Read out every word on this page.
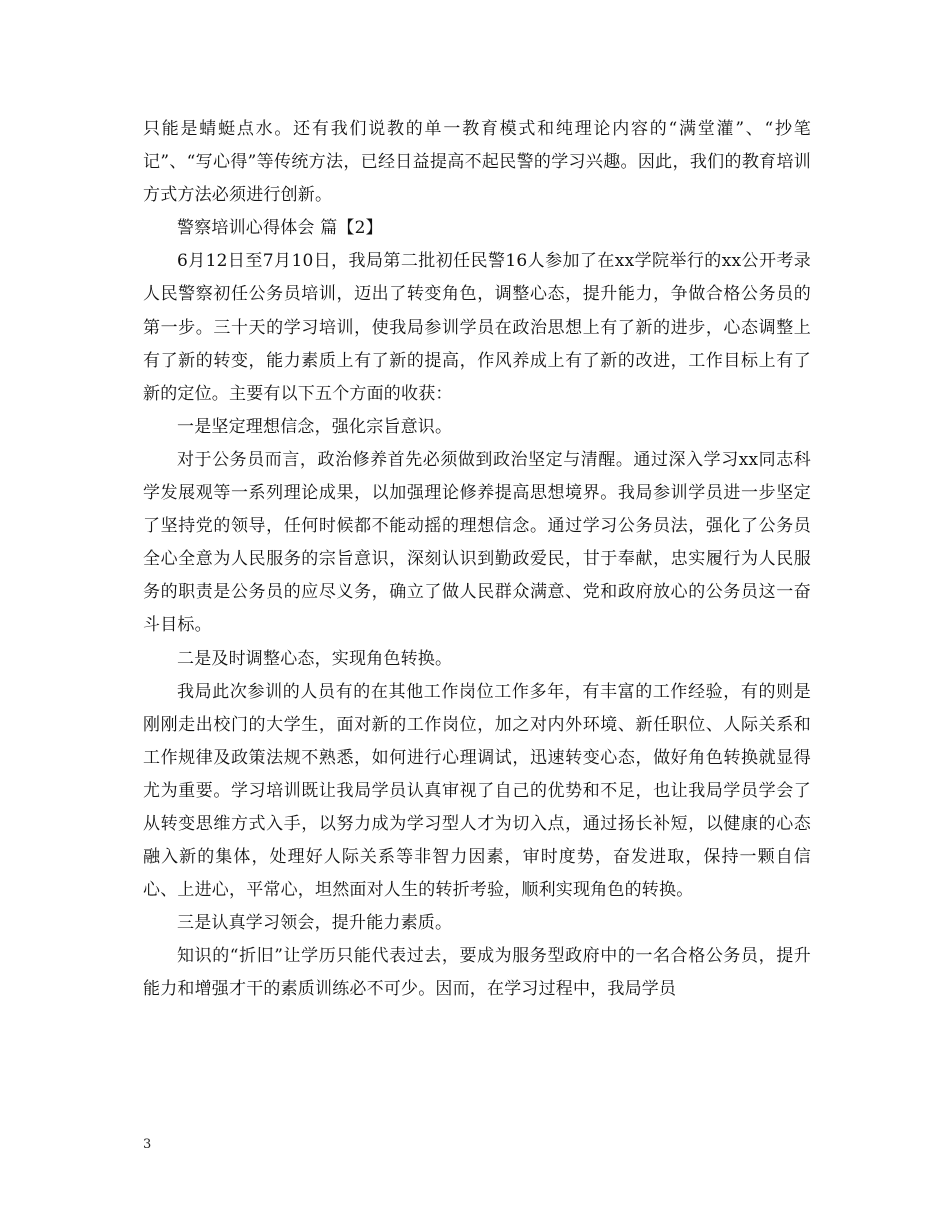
只能是蜻蜓点水。还有我们说教的单一教育模式和纯理论内容的“满堂灌”、“抄笔记”、“写心得”等传统方法，已经日益提高不起民警的学习兴趣。因此，我们的教育培训方式方法必须进行创新。

警察培训心得体会 篇【2】

6月12日至7月10日，我局第二批初任民警16人参加了在xx学院举行的xx公开考录人民警察初任公务员培训，迈出了转变角色，调整心态，提升能力，争做合格公务员的第一步。三十天的学习培训，使我局参训学员在政治思想上有了新的进步，心态调整上有了新的转变，能力素质上有了新的提高，作风养成上有了新的改进，工作目标上有了新的定位。主要有以下五个方面的收获：

一是坚定理想信念，强化宗旨意识。

对于公务员而言，政治修养首先必须做到政治坚定与清醒。通过深入学习xx同志科学发展观等一系列理论成果，以加强理论修养提高思想境界。我局参训学员进一步坚定了坚持党的领导，任何时候都不能动摇的理想信念。通过学习公务员法，强化了公务员全心全意为人民服务的宗旨意识，深刻认识到勤政爱民，甘于奉献，忠实履行为人民服务的职责是公务员的应尽义务，确立了做人民群众满意、党和政府放心的公务员这一奋斗目标。

二是及时调整心态，实现角色转换。

我局此次参训的人员有的在其他工作岗位工作多年，有丰富的工作经验，有的则是刚刚走出校门的大学生，面对新的工作岗位，加之对内外环境、新任职位、人际关系和工作规律及政策法规不熟悉，如何进行心理调试，迅速转变心态，做好角色转换就显得尤为重要。学习培训既让我局学员认真审视了自己的优势和不足，也让我局学员学会了从转变思维方式入手，以努力成为学习型人才为切入点，通过扬长补短，以健康的心态融入新的集体，处理好人际关系等非智力因素，审时度势，奋发进取，保持一颗自信心、上进心，平常心，坦然面对人生的转折考验，顺利实现角色的转换。

三是认真学习领会，提升能力素质。

知识的“折旧”让学历只能代表过去，要成为服务型政府中的一名合格公务员，提升能力和增强才干的素质训练必不可少。因而，在学习过程中，我局学员

3
